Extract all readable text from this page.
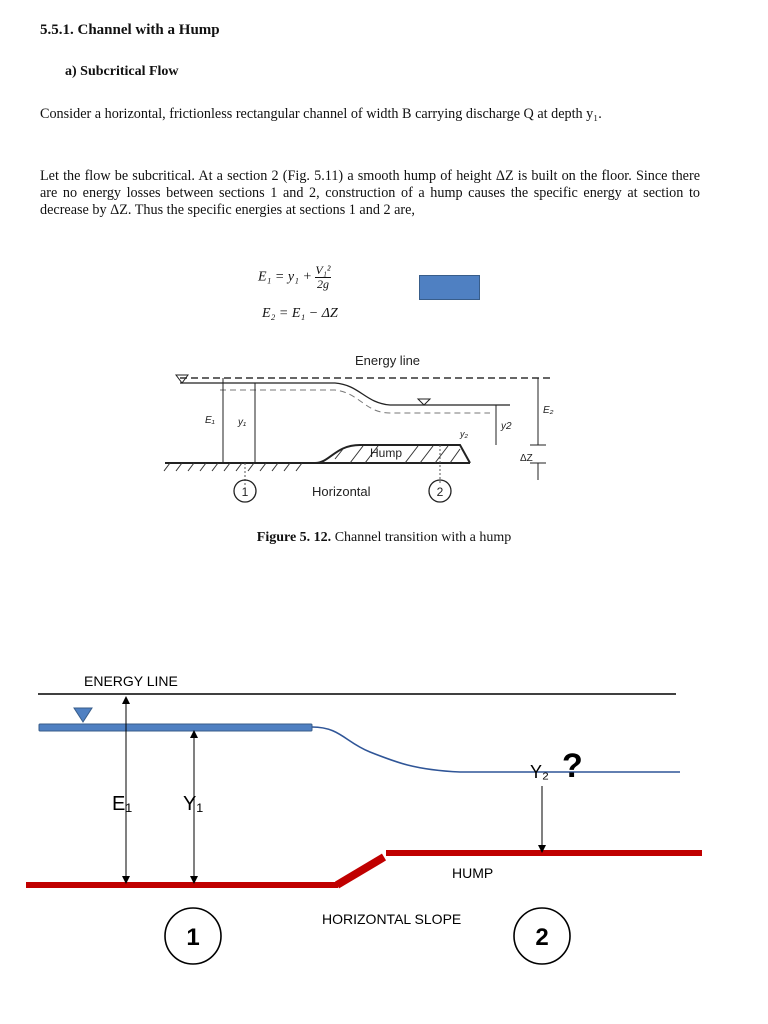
5.5.1. Channel with a Hump
a) Subcritical Flow
Consider a horizontal, frictionless rectangular channel of width B carrying discharge Q at depth y₁.
Let the flow be subcritical. At a section 2 (Fig. 5.11) a smooth hump of height ΔZ is built on the floor. Since there are no energy losses between sections 1 and 2, construction of a hump causes the specific energy at section to decrease by ΔZ. Thus the specific energies at sections 1 and 2 are,
$E_1 = y_1 + \frac{\text{V₁²}}{2g}$
E₂ = E₁ − ΔZ
Energy line
E₁ y₁
Hump
Horizontal
y₂
y2
E₂
ΔZ
1	2
Figure 5. 12. Channel transition with a hump
ENERGY LINE
E₁	Y₁
Y₂ ?
HUMP
HORIZONTAL SLOPE
1	2
